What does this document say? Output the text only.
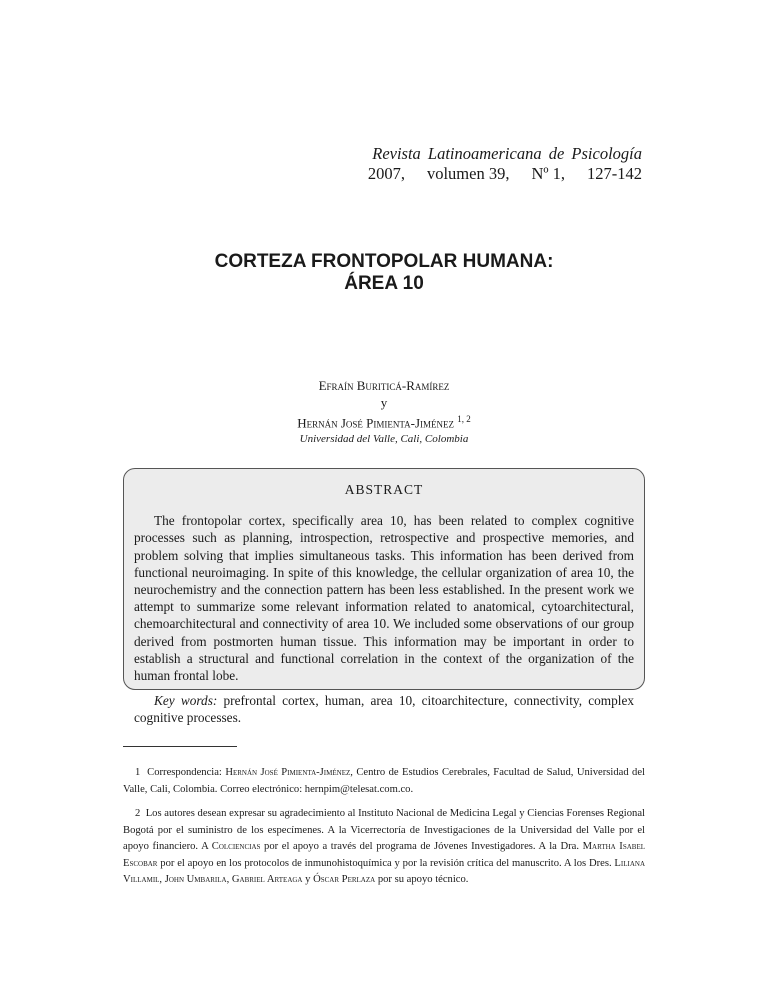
Revista Latinoamericana de Psicología
2007, volumen 39, Nº 1, 127-142
CORTEZA FRONTOPOLAR HUMANA:
ÁREA 10
Efraín Buriticá-Ramírez
y
Hernán José Pimienta-Jiménez $^{1, 2}$
Universidad del Valle, Cali, Colombia
ABSTRACT

The frontopolar cortex, specifically area 10, has been related to complex cognitive processes such as planning, introspection, retrospective and prospective memories, and problem solving that implies simultaneous tasks. This information has been derived from functional neuroimaging. In spite of this knowledge, the cellular organization of area 10, the neurochemistry and the connection pattern has been less established. In the present work we attempt to summarize some relevant information related to anatomical, cytoarchitectural, chemoarchitectural and connectivity of area 10. We included some observations of our group derived from postmorten human tissue. This information may be important in order to establish a structural and functional correlation in the context of the organization of the human frontal lobe.

Key words: prefrontal cortex, human, area 10, citoarchitecture, connectivity, complex cognitive processes.

1 Correspondencia: Hernán José Pimienta-Jiménez, Centro de Estudios Cerebrales, Facultad de Salud, Universidad del Valle, Cali, Colombia. Correo electrónico: hernpim@telesat.com.co.

2 Los autores desean expresar su agradecimiento al Instituto Nacional de Medicina Legal y Ciencias Forenses Regional Bogotá por el suministro de los especímenes. A la Vicerrectoría de Investigaciones de la Universidad del Valle por el apoyo financiero. A Colciencias por el apoyo a través del programa de Jóvenes Investigadores. A la Dra. Martha Isabel Escobar por el apoyo en los protocolos de inmunohistoquímica y por la revisión crítica del manuscrito. A los Dres. Liliana Villamil, John Umbarila, Gabriel Arteaga y Óscar Perlaza por su apoyo técnico.
